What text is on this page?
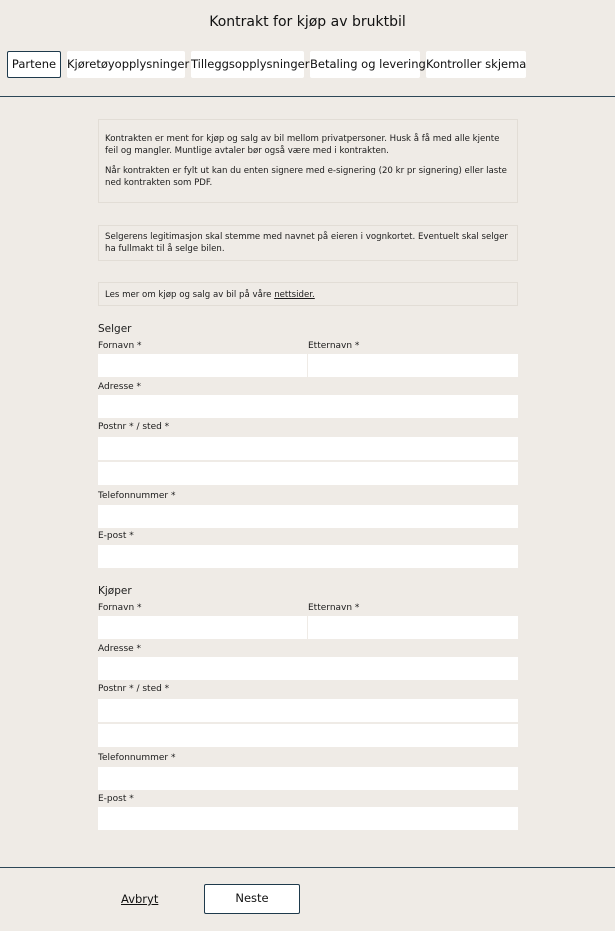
Kontrakt for kjøp av bruktbil
Partene Kjøretøyopplysninger Tilleggsopplysninger Betaling og levering Kontroller skjema

Kontrakten er ment for kjøp og salg av bil mellom privatpersoner. Husk å få med alle kjente feil og mangler. Muntlige avtaler bør også være med i kontrakten.

Når kontrakten er fylt ut kan du enten signere med e-signering (20 kr pr signering) eller laste ned kontrakten som PDF.

Selgerens legitimasjon skal stemme med navnet på eieren i vognkortet. Eventuelt skal selger ha fullmakt til å selge bilen.

Les mer om kjøp og salg av bil på våre nettsider.

Selger
Fornavn *	Etternavn *
Adresse *
Postnr * / sted *
Telefonnummer *
E-post *
Kjøper
Fornavn *	Etternavn *
Adresse *
Postnr * / sted *
Telefonnummer *
E-post *
Avbryt	Neste
